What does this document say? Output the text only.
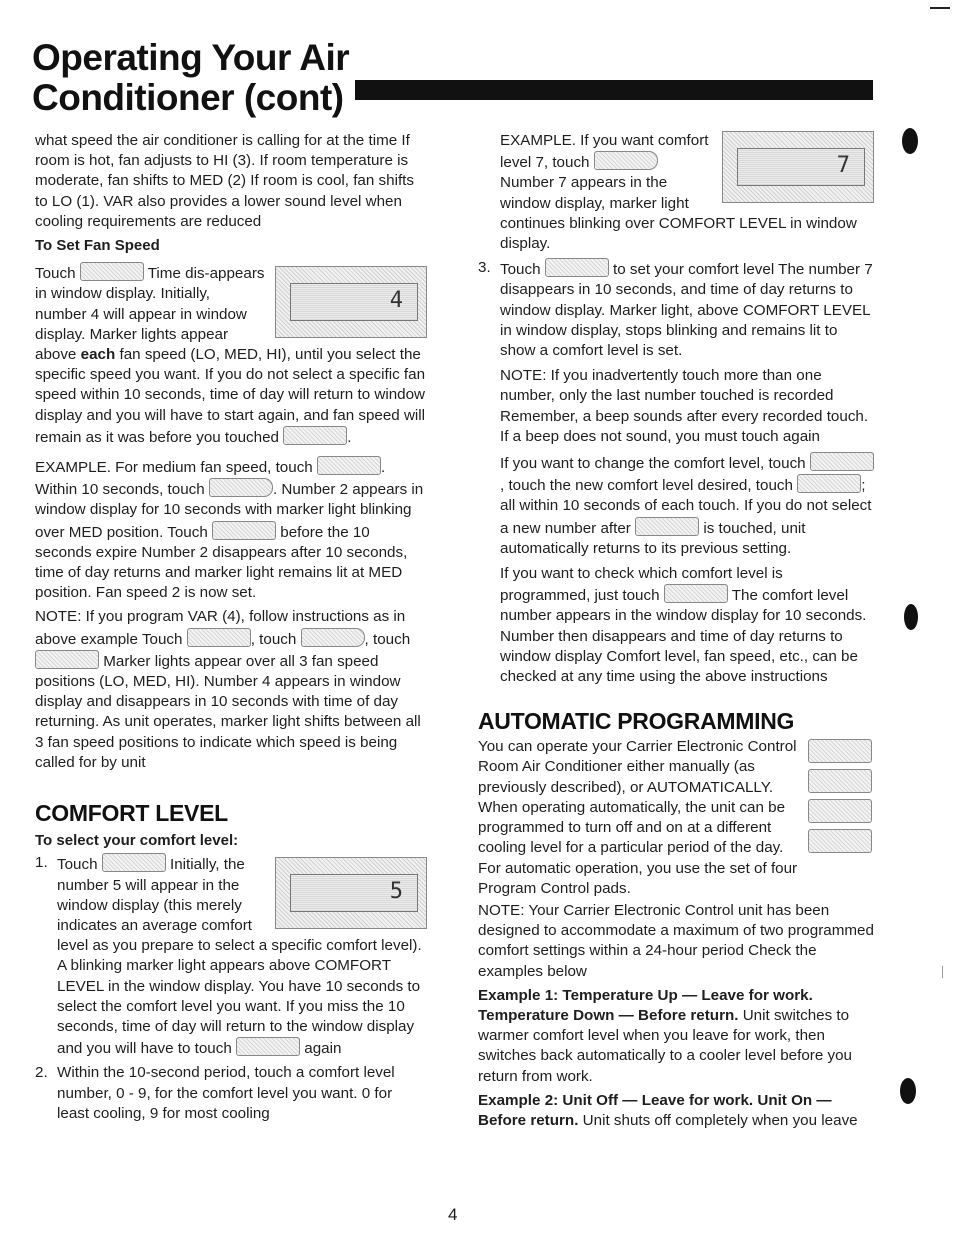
Operating Your Air
Conditioner (cont)

what speed the air conditioner is calling for at the time If room is hot, fan adjusts to HI (3). If room temperature is moderate, fan shifts to MED (2) If room is cool, fan shifts to LO (1). VAR also provides a lower sound level when cooling requirements are reduced

To Set Fan Speed

4
Touch	Time dis-appears in window display. Initially, number 4 will appear in window display. Marker lights appear above each fan speed (LO, MED, HI), until you select the specific speed you want. If you do not select a specific fan speed within 10 seconds, time of day will return to window display and you will have to start again, and fan speed will remain as it was before you touched	.

EXAMPLE. For medium fan speed, touch	. Within 10 seconds, touch	. Number 2 appears in window display for 10 seconds with marker light blinking over MED position. Touch	before the 10 seconds expire Number 2 disappears after 10 seconds, time of day returns and marker light remains lit at MED position. Fan speed 2 is now set.

NOTE: If you program VAR (4), follow instructions as in above example Touch	, touch	, touch  Marker lights appear over all 3 fan speed positions (LO, MED, HI). Number 4 appears in window display and disappears in 10 seconds with time of day returning. As unit operates, marker light shifts between all 3 fan speed positions to indicate which speed is being called for by unit

COMFORT LEVEL

To select your comfort level:

1.
5
Touch	Initially, the number 5 will appear in the window display (this merely indicates an average comfort level as you prepare to select a specific comfort level). A blinking marker light appears above COMFORT LEVEL in the window display. You have 10 seconds to select the comfort level you want. If you miss the 10 seconds, time of day will return to the window display and you will have to touch	again
2. Within the 10-second period, touch a comfort level number, 0 - 9, for the comfort level you want. 0 for least cooling, 9 for most cooling
7
EXAMPLE. If you want comfort level 7, touch  Number 7 appears in the window display, marker light continues blinking over COMFORT LEVEL in window display.
3. Touch	to set your comfort level The number 7 disappears in 10 seconds, and time of day returns to window display. Marker light, above COMFORT LEVEL in window display, stops blinking and remains lit to show a comfort level is set.

NOTE: If you inadvertently touch more than one number, only the last number touched is recorded Remember, a beep sounds after every recorded touch. If a beep does not sound, you must touch again

If you want to change the comfort level, touch , touch the new comfort level desired, touch	; all within 10 seconds of each touch. If you do not select a new number after	is touched, unit automatically returns to its previous setting.

If you want to check which comfort level is programmed, just touch	The comfort level number appears in the window display for 10 seconds. Number then disappears and time of day returns to window display Comfort level, fan speed, etc., can be checked at any time using the above instructions

AUTOMATIC PROGRAMMING

You can operate your Carrier Electronic Control Room Air Conditioner either manually (as previously described), or AUTOMATICALLY. When operating automatically, the unit can be programmed to turn off and on at a different cooling level for a particular period of the day. For automatic operation, you use the set of four Program Control pads.

NOTE: Your Carrier Electronic Control unit has been designed to accommodate a maximum of two programmed comfort settings within a 24-hour period Check the examples below

Example 1: Temperature Up — Leave for work. Temperature Down — Before return. Unit switches to warmer comfort level when you leave for work, then switches back automatically to a cooler level before you return from work.

Example 2: Unit Off — Leave for work. Unit On — Before return. Unit shuts off completely when you leave

4
